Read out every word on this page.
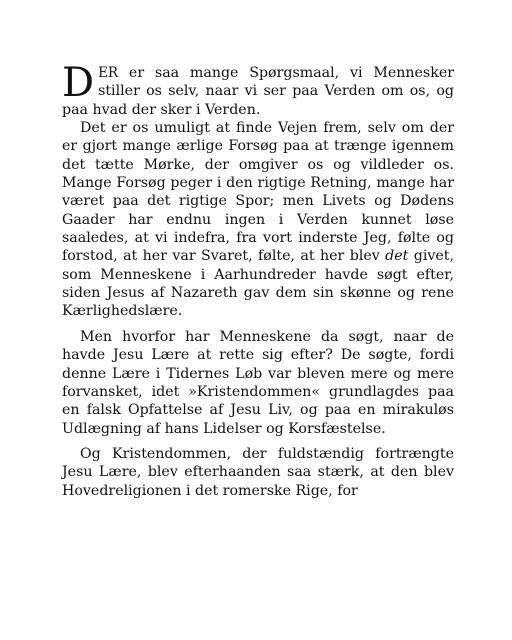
DER er saa mange Spørgsmaal, vi Mennesker stiller os selv, naar vi ser paa Verden om os, og paa hvad der sker i Verden.

Det er os umuligt at finde Vejen frem, selv om der er gjort mange ærlige Forsøg paa at trænge igennem det tætte Mørke, der omgiver os og vildleder os. Mange Forsøg peger i den rigtige Retning, mange har været paa det rigtige Spor; men Livets og Dødens Gaader har endnu ingen i Verden kunnet løse saaledes, at vi indefra, fra vort inderste Jeg, følte og forstod, at her var Svaret, følte, at her blev det givet, som Menneskene i Aarhundreder havde søgt efter, siden Jesus af Nazareth gav dem sin skønne og rene Kærlighedslære.

Men hvorfor har Menneskene da søgt, naar de havde Jesu Lære at rette sig efter? De søgte, fordi denne Lære i Tidernes Løb var bleven mere og mere forvansket, idet »Kristendommen« grundlagdes paa en falsk Opfattelse af Jesu Liv, og paa en mirakuløs Udlægning af hans Lidelser og Korsfæstelse.

Og Kristendommen, der fuldstændig fortrængte Jesu Lære, blev efterhaanden saa stærk, at den blev Hovedreligionen i det romerske Rige, for
